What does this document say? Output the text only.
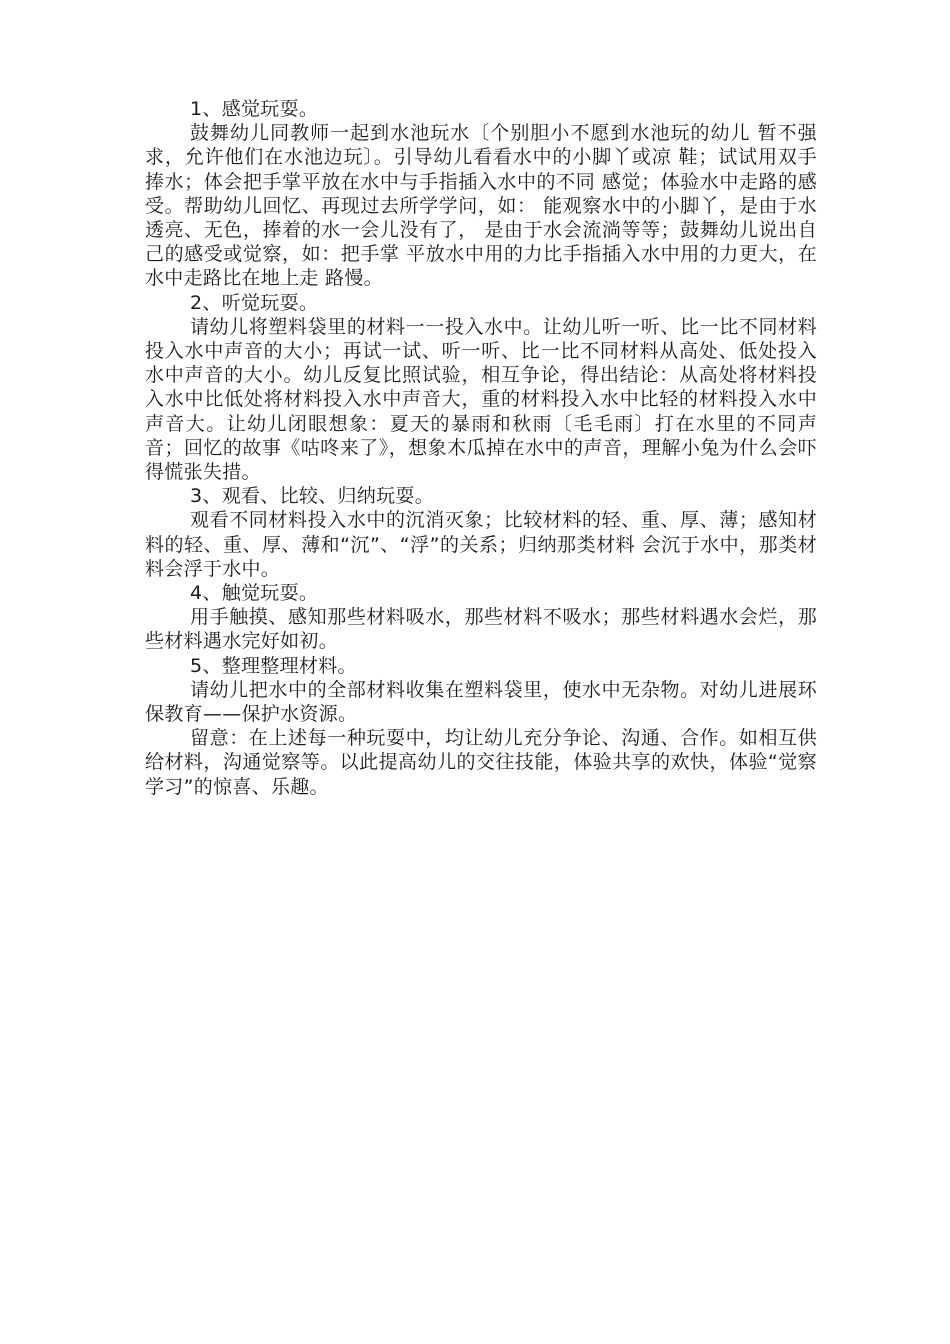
1、感觉玩耍。

鼓舞幼儿同教师一起到水池玩水〔个别胆小不愿到水池玩的幼儿 暂不强求，允许他们在水池边玩〕。引导幼儿看看水中的小脚丫或凉 鞋；试试用双手捧水；体会把手掌平放在水中与手指插入水中的不同 感觉；体验水中走路的感受。帮助幼儿回忆、再现过去所学学问，如： 能观察水中的小脚丫，是由于水透亮、无色，捧着的水一会儿没有了， 是由于水会流淌等等；鼓舞幼儿说出自己的感受或觉察，如：把手掌 平放水中用的力比手指插入水中用的力更大，在水中走路比在地上走 路慢。

2、听觉玩耍。

请幼儿将塑料袋里的材料一一投入水中。让幼儿听一听、比一比不同材料投入水中声音的大小；再试一试、听一听、比一比不同材料从高处、低处投入水中声音的大小。幼儿反复比照试验，相互争论，得出结论：从高处将材料投入水中比低处将材料投入水中声音大，重的材料投入水中比轻的材料投入水中声音大。让幼儿闭眼想象：夏天的暴雨和秋雨〔毛毛雨〕打在水里的不同声音；回忆的故事《咕咚来了》，想象木瓜掉在水中的声音，理解小兔为什么会吓得慌张失措。

3、观看、比较、归纳玩耍。

观看不同材料投入水中的沉消灭象；比较材料的轻、重、厚、薄；感知材料的轻、重、厚、薄和“沉”、“浮”的关系；归纳那类材料 会沉于水中，那类材料会浮于水中。

4、触觉玩耍。

用手触摸、感知那些材料吸水，那些材料不吸水；那些材料遇水会烂，那些材料遇水完好如初。

5、整理整理材料。

请幼儿把水中的全部材料收集在塑料袋里，使水中无杂物。对幼儿进展环保教育——保护水资源。

留意：在上述每一种玩耍中，均让幼儿充分争论、沟通、合作。如相互供给材料，沟通觉察等。以此提高幼儿的交往技能，体验共享的欢快，体验“觉察学习”的惊喜、乐趣。
